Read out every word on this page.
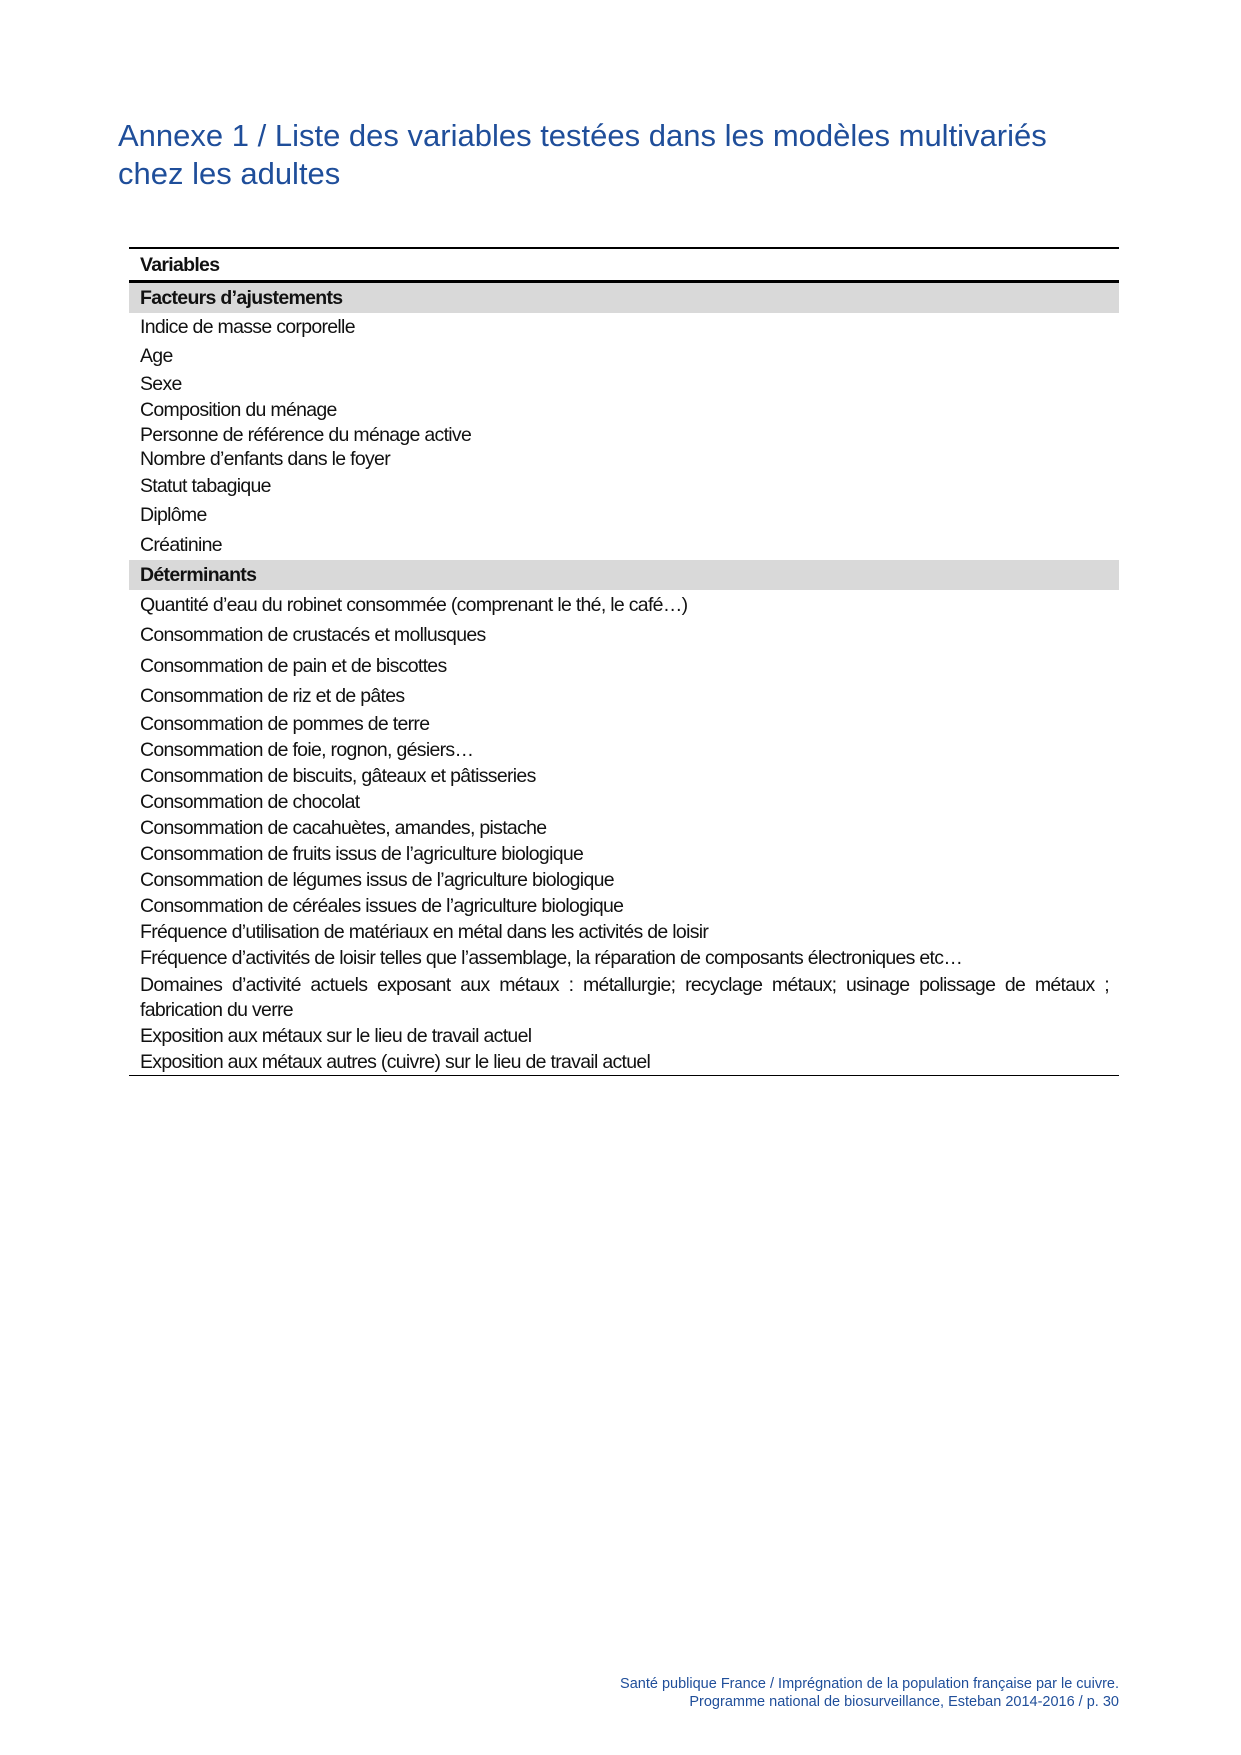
Annexe 1 / Liste des variables testées dans les modèles multivariés
chez les adultes
Variables
Facteurs d’ajustements
Indice de masse corporelle
Age
Sexe
Composition du ménage
Personne de référence du ménage active
Nombre d’enfants dans le foyer
Statut tabagique
Diplôme
Créatinine
Déterminants
Quantité d’eau du robinet consommée (comprenant le thé, le café…)
Consommation de crustacés et mollusques
Consommation de pain et de biscottes
Consommation de riz et de pâtes
Consommation de pommes de terre
Consommation de foie, rognon, gésiers…
Consommation de biscuits, gâteaux et pâtisseries
Consommation de chocolat
Consommation de cacahuètes, amandes, pistache
Consommation de fruits issus de l’agriculture biologique
Consommation de légumes issus de l’agriculture biologique
Consommation de céréales issues de l’agriculture biologique
Fréquence d’utilisation de matériaux en métal dans les activités de loisir
Fréquence d’activités de loisir telles que l’assemblage, la réparation de composants électroniques etc…
Domaines d’activité actuels exposant aux métaux : métallurgie; recyclage métaux; usinage polissage de métaux ; fabrication du verre
Exposition aux métaux sur le lieu de travail actuel
Exposition aux métaux autres (cuivre) sur le lieu de travail actuel
Santé publique France / Imprégnation de la population française par le cuivre.
Programme national de biosurveillance, Esteban 2014-2016 / p. 30
